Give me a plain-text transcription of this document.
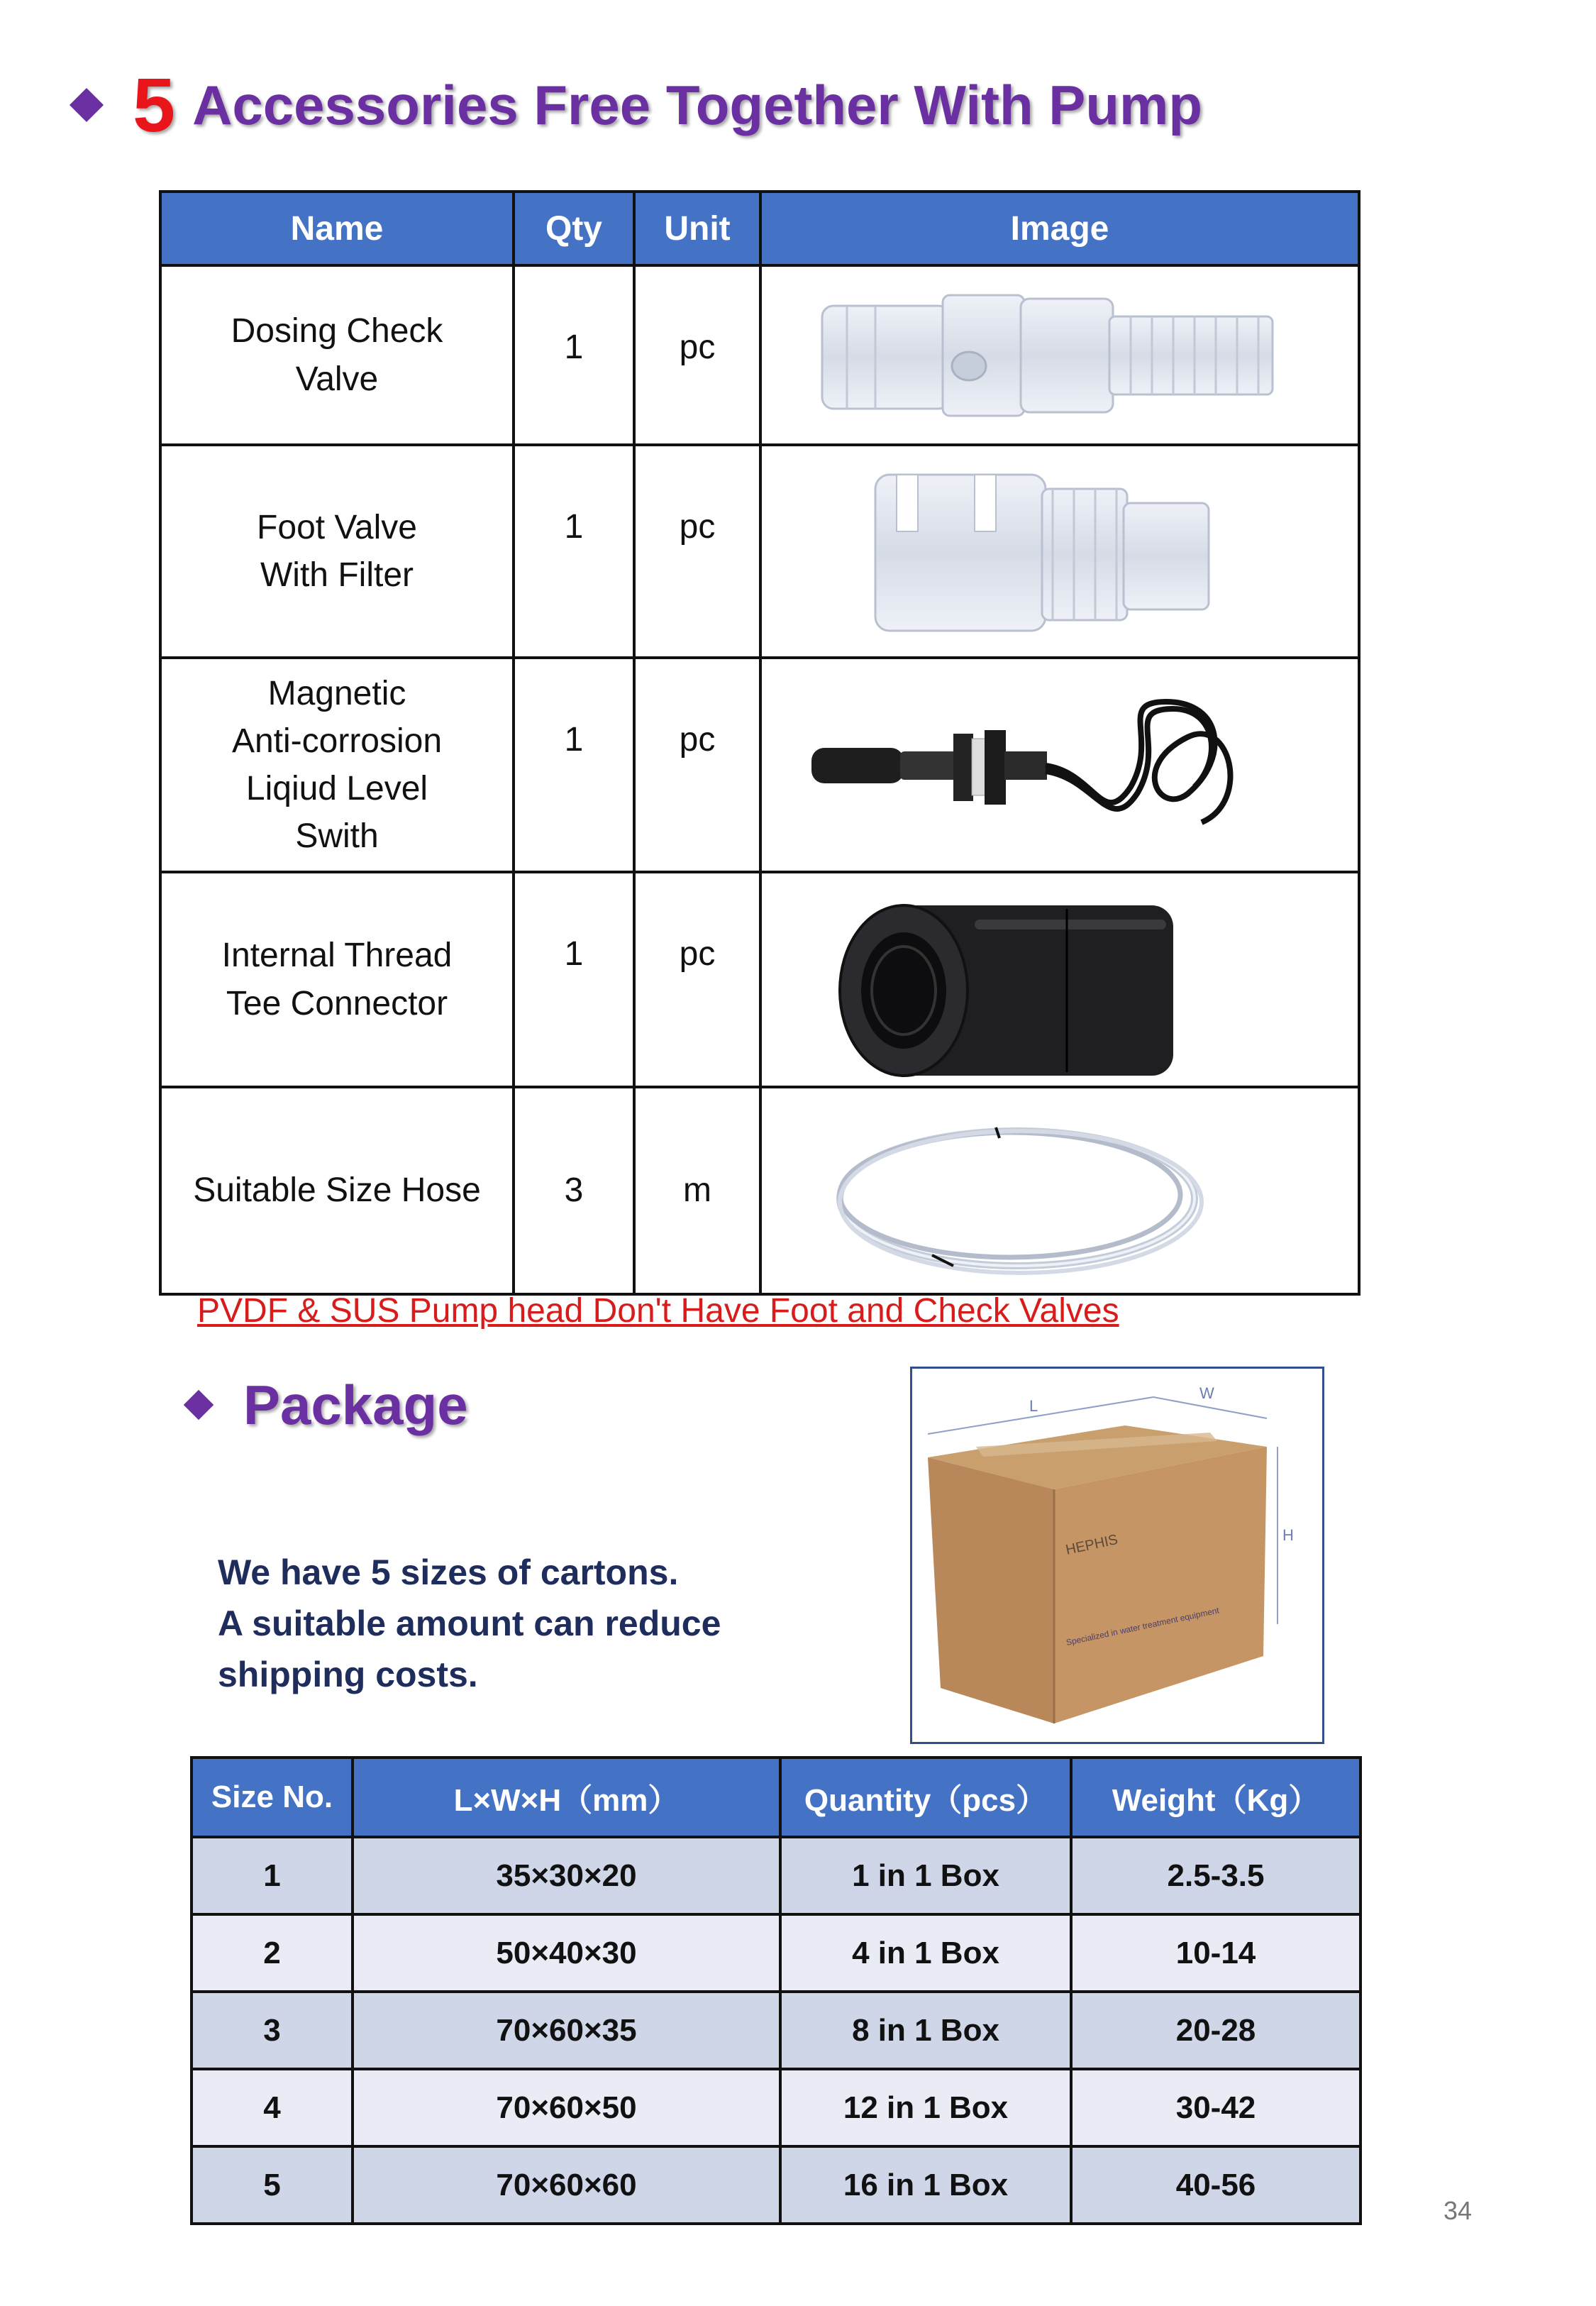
5 Accessories Free Together With Pump
Name	Qty	Unit	Image
Dosing Check
Valve	1	pc	

Foot Valve
With Filter	1	pc	

Magnetic
Anti-corrosion
Liqiud Level
Swith	1	pc	

Internal Thread
Tee Connector	1	pc	

Suitable Size Hose	3	m	
PVDF & SUS Pump head Don't Have Foot and Check Valves
Package
We have 5 sizes of cartons.
A suitable amount can reduce
shipping costs.
L
W
H
HEPHIS
Specialized in water treatment equipment
Size No.	L×W×H（mm）	Quantity（pcs）	Weight（Kg）
1	35×30×20	1 in 1 Box	2.5-3.5
2	50×40×30	4 in 1 Box	10-14
3	70×60×35	8 in 1 Box	20-28
4	70×60×50	12 in 1 Box	30-42
5	70×60×60	16 in 1 Box	40-56
34
